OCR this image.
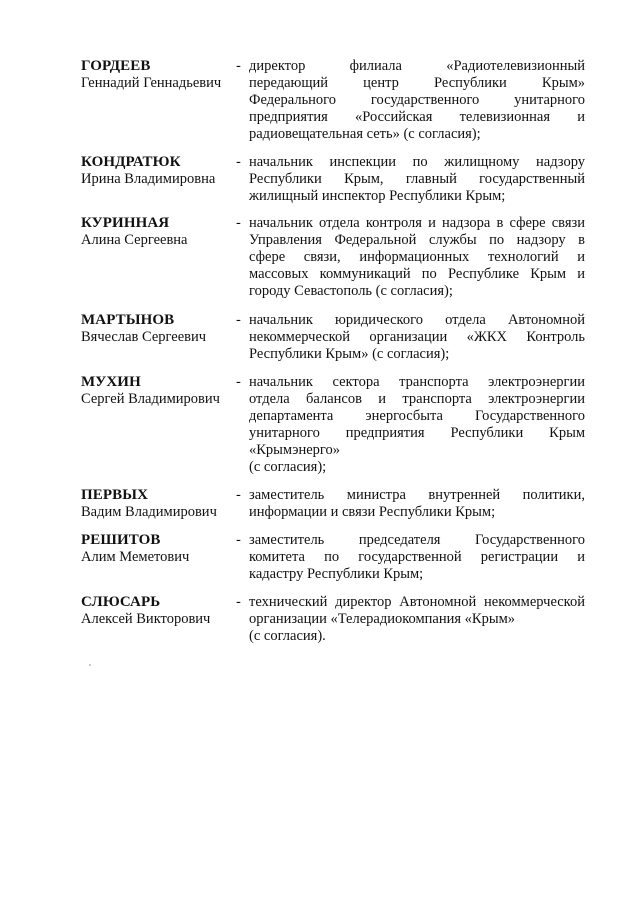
ГОРДЕЕВ
Геннадий Геннадьевич
- директор филиала «Радиотелевизионный
передающий центр Республики Крым»
Федерального государственного унитарного
предприятия «Российская телевизионная и
радиовещательная сеть» (с согласия);
КОНДРАТЮК
Ирина Владимировна
- начальник инспекции по жилищному надзору
Республики Крым, главный государственный
жилищный инспектор Республики Крым;
КУРИННАЯ
Алина Сергеевна
- начальник отдела контроля и надзора в сфере связи
Управления Федеральной службы по надзору в
сфере связи, информационных технологий и
массовых коммуникаций по Республике Крым и
городу Севастополь (с согласия);
МАРТЫНОВ
Вячеслав Сергеевич
- начальник юридического отдела Автономной
некоммерческой организации «ЖКХ Контроль
Республики Крым» (с согласия);
МУХИН
Сергей Владимирович
- начальник сектора транспорта электроэнергии
отдела балансов и транспорта электроэнергии
департамента энергосбыта Государственного
унитарного предприятия Республики Крым
«Крымэнерго»
(с согласия);
ПЕРВЫХ
Вадим Владимирович
- заместитель министра внутренней политики,
информации и связи Республики Крым;
РЕШИТОВ
Алим Меметович
- заместитель председателя Государственного
комитета по государственной регистрации и
кадастру Республики Крым;
СЛЮСАРЬ
Алексей Викторович
- технический директор Автономной некоммерческой
организации «Телерадиокомпания «Крым»
(с согласия).
